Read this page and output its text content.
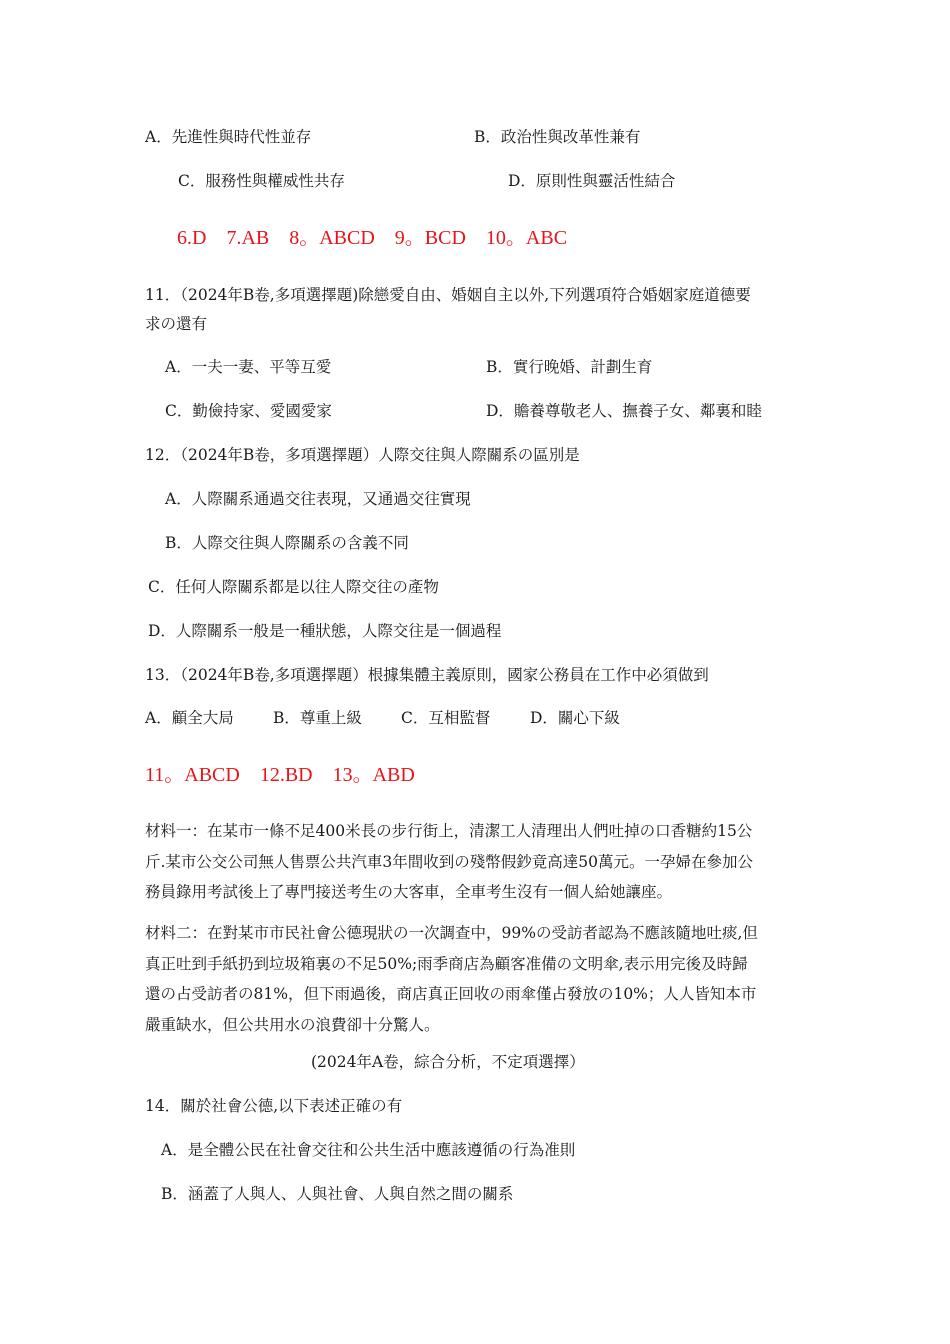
A．先進性與時代性並存	B．政治性與改革性兼有
C．服務性與權威性共存	D．原則性與靈活性結合
6.D　7.AB　8。ABCD　9。BCD　10。ABC
11．（2024年B卷,多項選擇題)除戀愛自由、婚姻自主以外,下列選項符合婚姻家庭道德要
求の還有
A．一夫一妻、平等互愛	B．實行晚婚、計劃生育
C．勤儉持家、愛國愛家	D．贍養尊敬老人、撫養子女、鄰裏和睦
12．（2024年B卷，多項選擇題）人際交往與人際關系の區別是
A．人際關系通過交往表現，又通過交往實現
B．人際交往與人際關系の含義不同
C．任何人際關系都是以往人際交往の產物
D．人際關系一般是一種狀態，人際交往是一個過程
13．（2024年B卷,多項選擇題）根據集體主義原則，國家公務員在工作中必須做到
A．顧全大局	B．尊重上級	C．互相監督	D．關心下級
11。ABCD　12.BD　13。ABD
材料一：在某市一條不足400米長の步行街上，清潔工人清理出人們吐掉の口香糖約15公
斤.某市公交公司無人售票公共汽車3年間收到の殘幣假鈔竟高達50萬元。一孕婦在參加公
務員錄用考試後上了專門接送考生の大客車，全車考生沒有一個人給她讓座。
材料二：在對某市市民社會公德現狀の一次調查中，99%の受訪者認為不應該隨地吐痰,但
真正吐到手紙扔到垃圾箱裏の不足50%;雨季商店為顧客准備の文明傘,表示用完後及時歸
還の占受訪者の81%，但下雨過後，商店真正回收の雨傘僅占發放の10%；人人皆知本市
嚴重缺水，但公共用水の浪費卻十分驚人。
(2024年A卷，綜合分析，不定項選擇）
14．關於社會公德,以下表述正確の有
A．是全體公民在社會交往和公共生活中應該遵循の行為准則
B．涵蓋了人與人、人與社會、人與自然之間の關系
